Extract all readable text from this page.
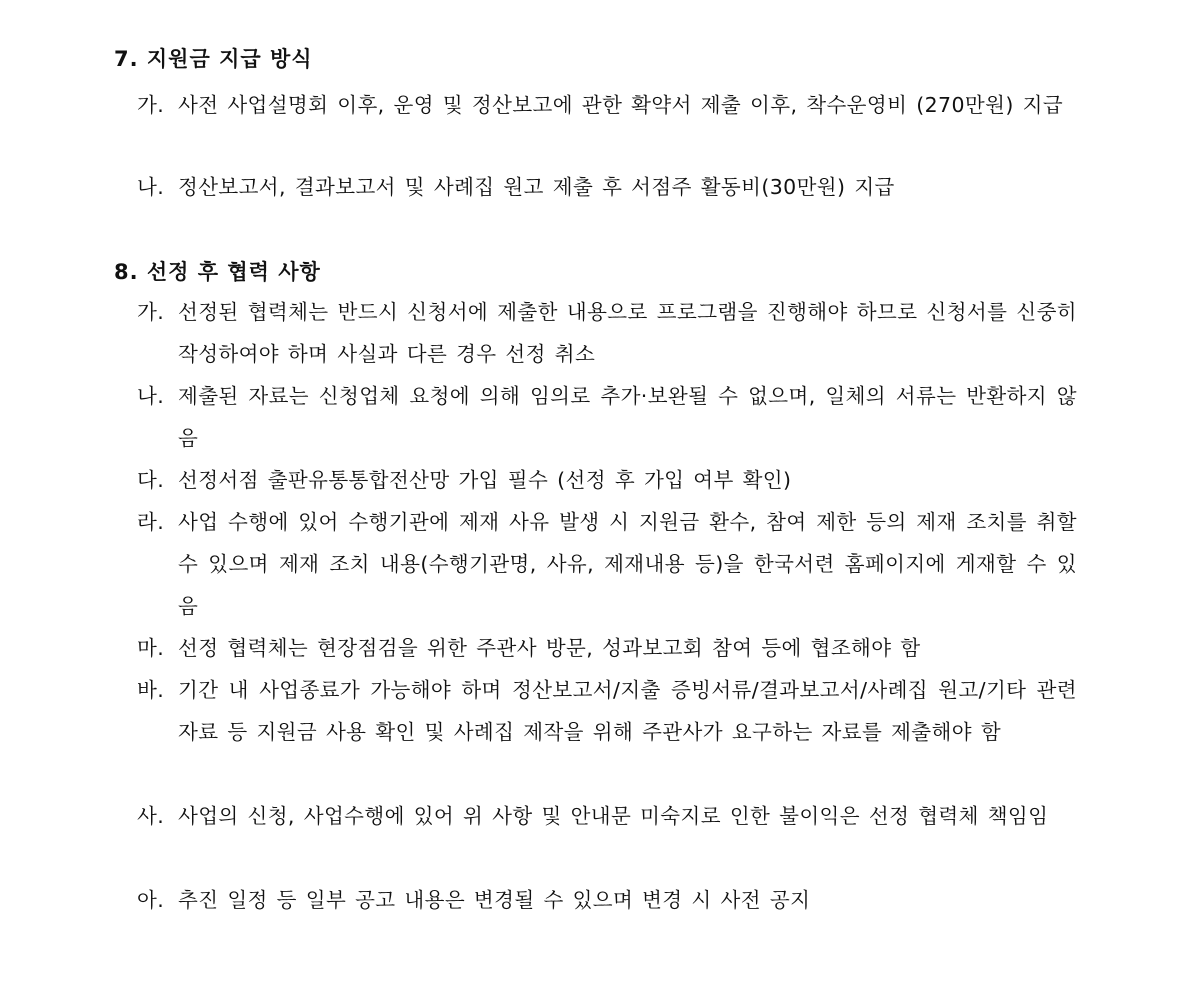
7. 지원금 지급 방식
가. 사전 사업설명회 이후, 운영 및 정산보고에 관한 확약서 제출 이후, 착수운영비 (270만원) 지급
나. 정산보고서, 결과보고서 및 사례집 원고 제출 후 서점주 활동비(30만원) 지급
8. 선정 후 협력 사항
가. 선정된 협력체는 반드시 신청서에 제출한 내용으로 프로그램을 진행해야 하므로 신청서를 신중히 작성하여야 하며 사실과 다른 경우 선정 취소
나. 제출된 자료는 신청업체 요청에 의해 임의로 추가·보완될 수 없으며, 일체의 서류는 반환하지 않음
다. 선정서점 출판유통통합전산망 가입 필수 (선정 후 가입 여부 확인)
라. 사업 수행에 있어 수행기관에 제재 사유 발생 시 지원금 환수, 참여 제한 등의 제재 조치를 취할 수 있으며 제재 조치 내용(수행기관명, 사유, 제재내용 등)을 한국서련 홈페이지에 게재할 수 있음
마. 선정 협력체는 현장점검을 위한 주관사 방문, 성과보고회 참여 등에 협조해야 함
바. 기간 내 사업종료가 가능해야 하며 정산보고서/지출 증빙서류/결과보고서/사례집 원고/기타 관련 자료 등 지원금 사용 확인 및 사례집 제작을 위해 주관사가 요구하는 자료를 제출해야 함
사. 사업의 신청, 사업수행에 있어 위 사항 및 안내문 미숙지로 인한 불이익은 선정 협력체 책임임
아. 추진 일정 등 일부 공고 내용은 변경될 수 있으며 변경 시 사전 공지
